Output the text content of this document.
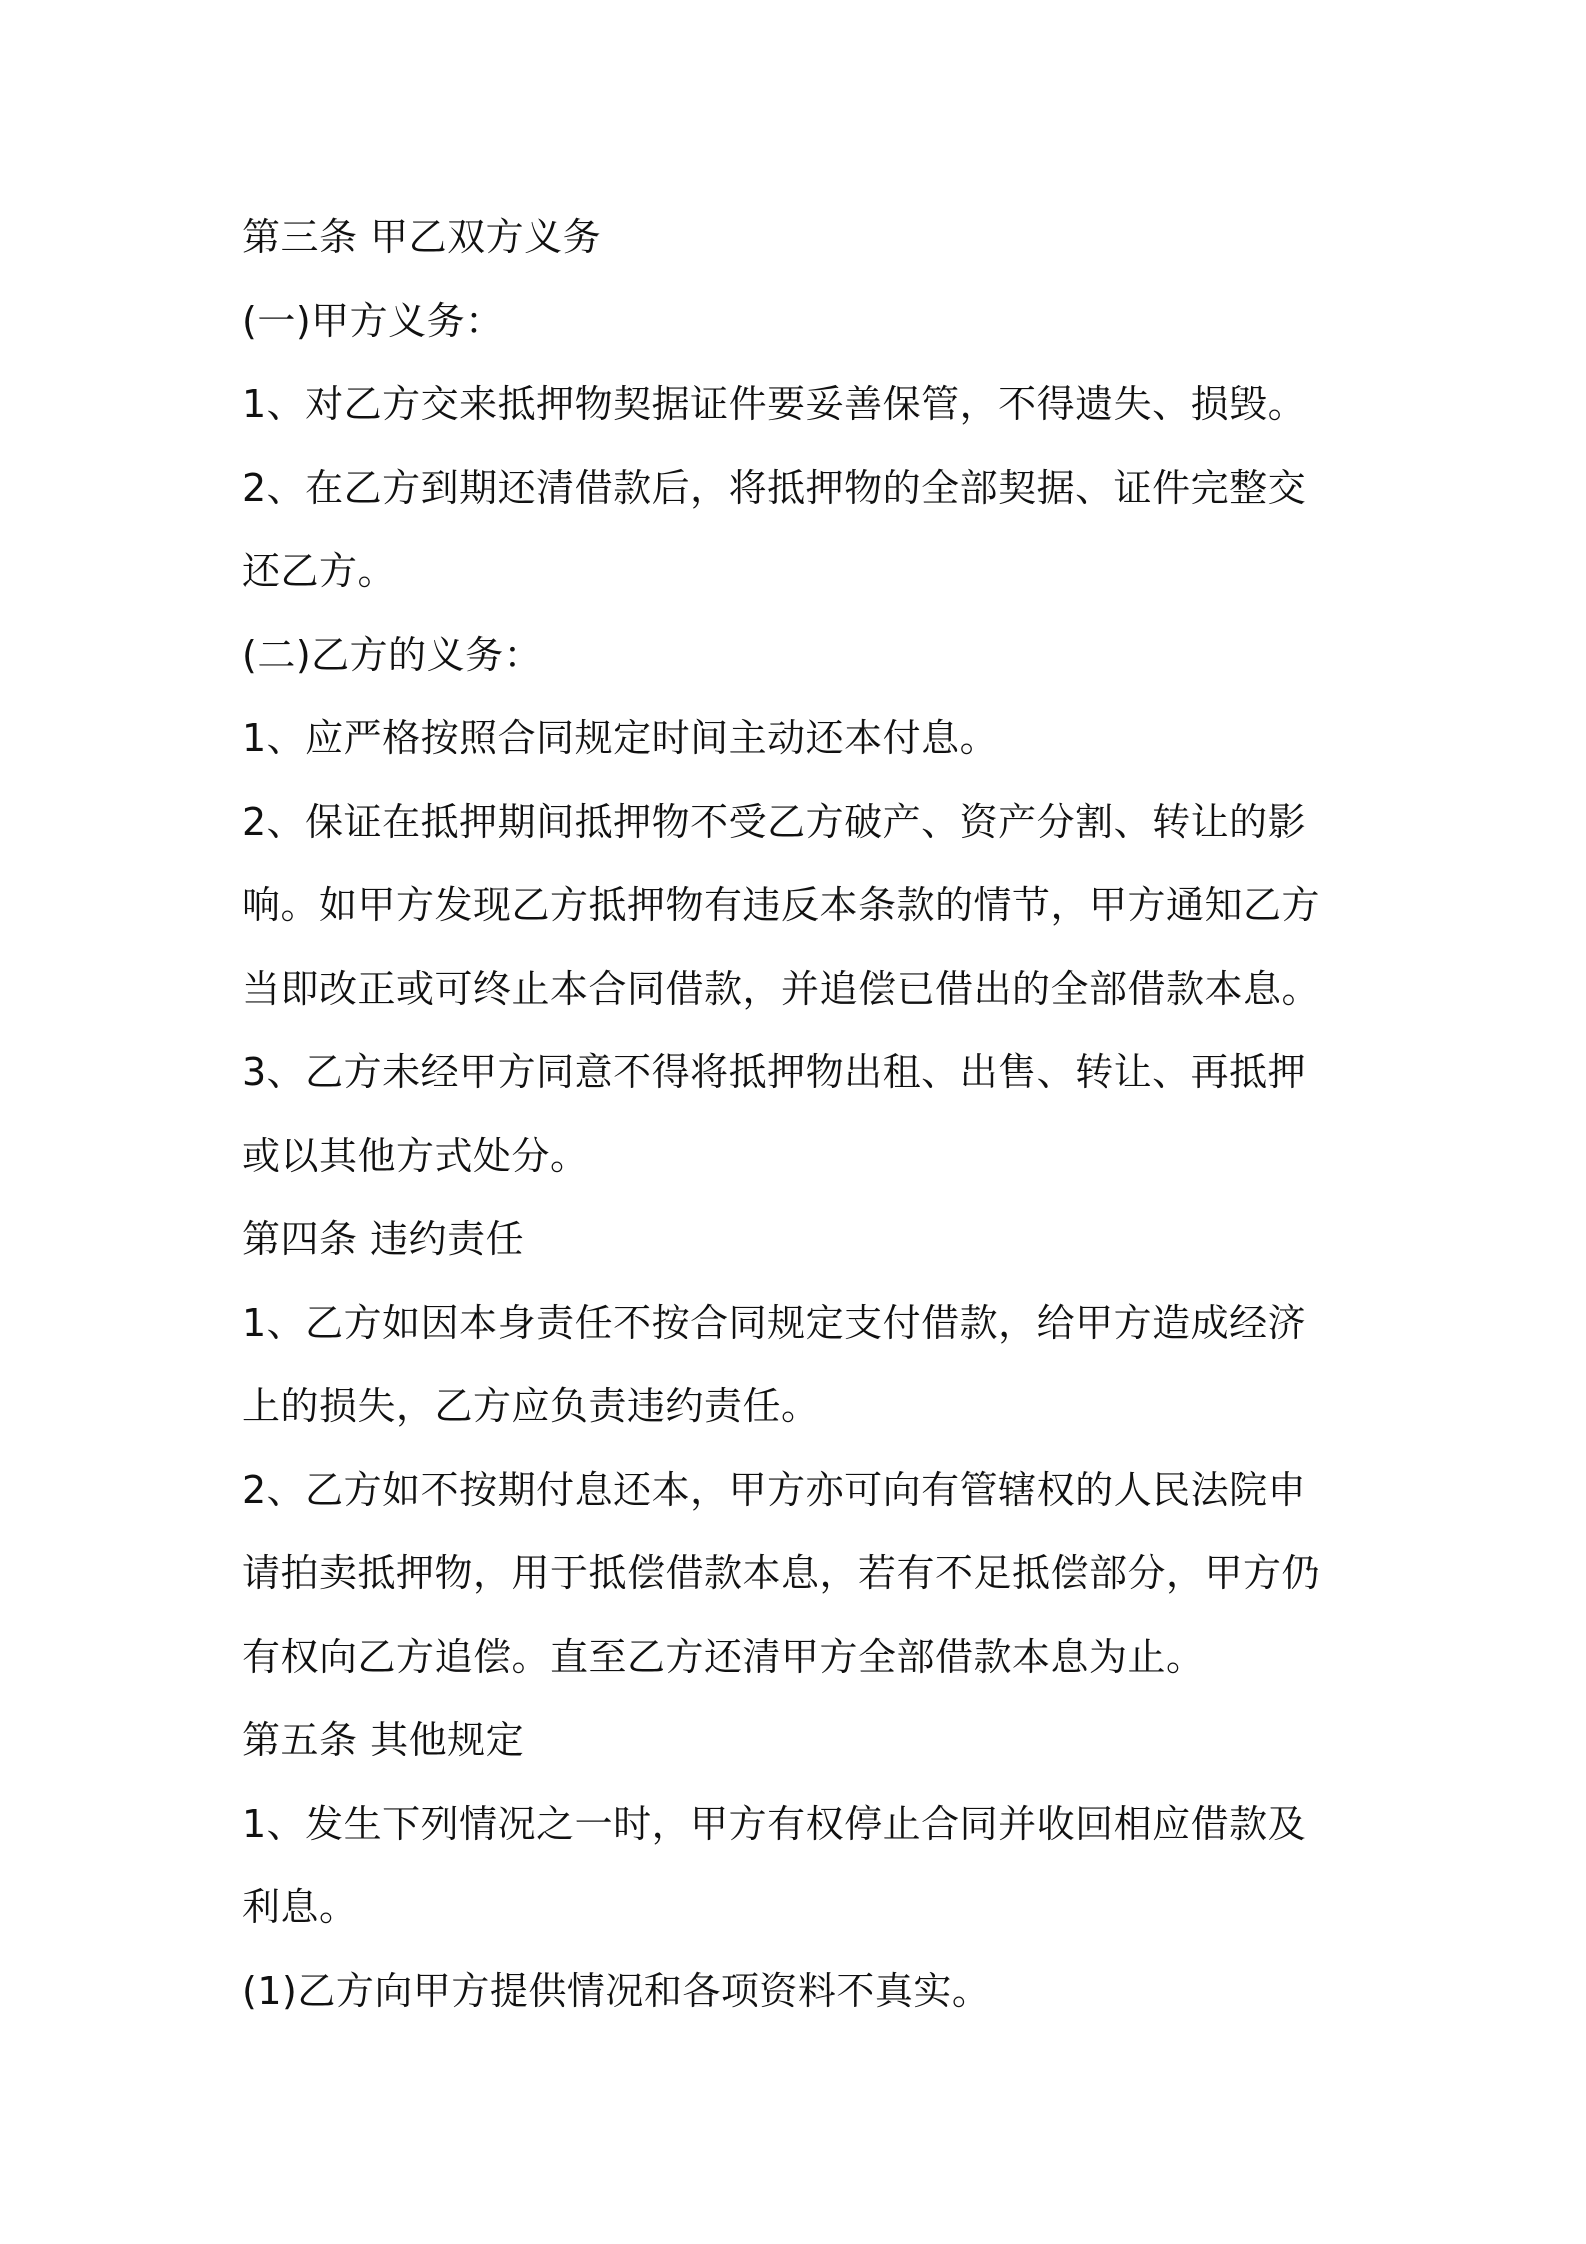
第三条 甲乙双方义务
(一)甲方义务：
1、对乙方交来抵押物契据证件要妥善保管，不得遗失、损毁。
2、在乙方到期还清借款后，将抵押物的全部契据、证件完整交
还乙方。
(二)乙方的义务：
1、应严格按照合同规定时间主动还本付息。
2、保证在抵押期间抵押物不受乙方破产、资产分割、转让的影
响。如甲方发现乙方抵押物有违反本条款的情节，甲方通知乙方
当即改正或可终止本合同借款，并追偿已借出的全部借款本息。
3、乙方未经甲方同意不得将抵押物出租、出售、转让、再抵押
或以其他方式处分。
第四条 违约责任
1、乙方如因本身责任不按合同规定支付借款，给甲方造成经济
上的损失，乙方应负责违约责任。
2、乙方如不按期付息还本，甲方亦可向有管辖权的人民法院申
请拍卖抵押物，用于抵偿借款本息，若有不足抵偿部分，甲方仍
有权向乙方追偿。直至乙方还清甲方全部借款本息为止。
第五条 其他规定
1、发生下列情况之一时，甲方有权停止合同并收回相应借款及
利息。
(1)乙方向甲方提供情况和各项资料不真实。
